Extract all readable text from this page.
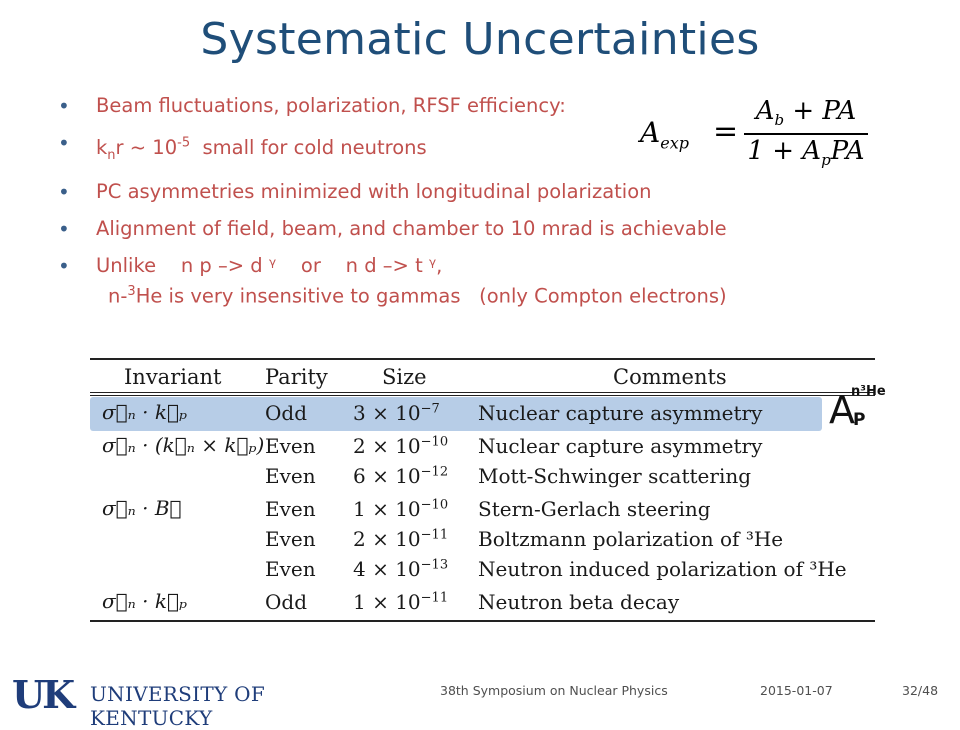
Systematic Uncertainties
• Beam fluctuations, polarization, RFSF efficiency:
• $k_nr$ ~ $10^{-5}$  small for cold neutrons
• PC asymmetries minimized with longitudinal polarization
• Alignment of field, beam, and chamber to 10 mrad is achievable
• Unlike    n p –> d ᵞ    or    n d –> t ᵞ,
n-$^3$He is very insensitive to gammas   (only Compton electrons)
$A_{exp}$ =
$A_b$ + PA
$1 + A_pPA$
Invariant Parity	Size	Comments
σ⃗ₙ · k⃗ₚ	Odd $3 \times 10^{-7}$ Nuclear capture asymmetry
σ⃗ₙ · (k⃗ₙ × k⃗ₚ) Even $2 \times 10^{-10}$ Nuclear capture asymmetry
Even $6 \times 10^{-12}$ Mott-Schwinger scattering
σ⃗ₙ · B⃗	Even $1 \times 10^{-10}$ Stern-Gerlach steering
Even $2 \times 10^{-11}$ Boltzmann polarization of ³He
Even $4 \times 10^{-13}$ Neutron induced polarization of ³He
σ⃗ₙ · k⃗ₚ	Odd $1 \times 10^{-11}$ Neutron beta decay
A
n³He
P
UK UNIVERSITY OF KENTUCKY
38th Symposium on Nuclear Physics	2015-01-07	32/48
